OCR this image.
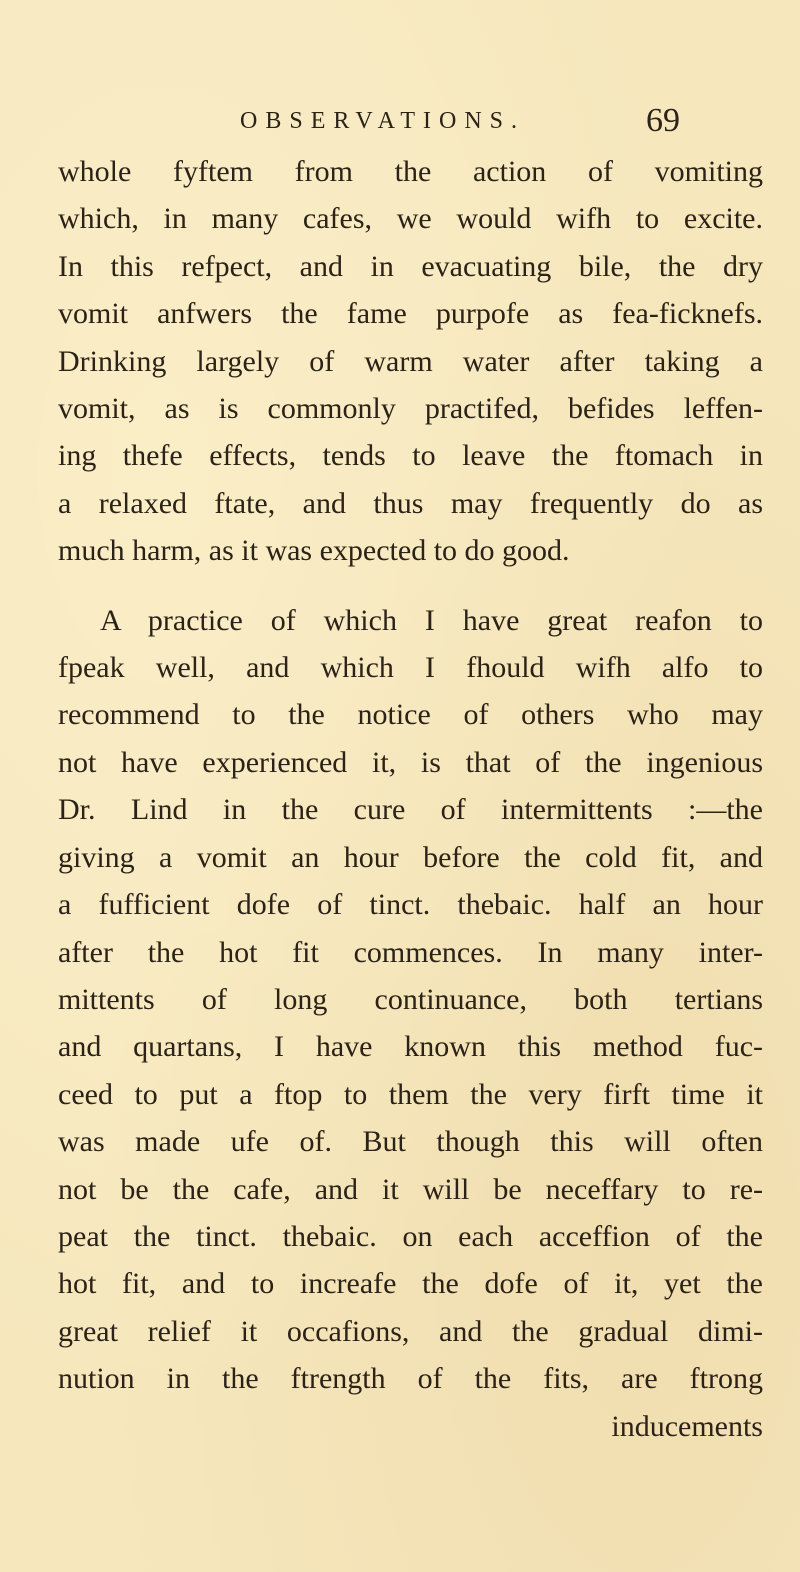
OBSERVATIONS.	69
whole fyftem from the action of vomiting
which, in many cafes, we would wifh to excite.
In this refpect, and in evacuating bile, the dry
vomit anfwers the fame purpofe as fea-ficknefs.
Drinking largely of warm water after taking a
vomit, as is commonly practifed, befides leffen-
ing thefe effects, tends to leave the ftomach in
a relaxed ftate, and thus may frequently do as
much harm, as it was expected to do good.
A practice of which I have great reafon to
fpeak well, and which I fhould wifh alfo to
recommend to the notice of others who may
not have experienced it, is that of the ingenious
Dr. Lind in the cure of intermittents :—the
giving a vomit an hour before the cold fit, and
a fufficient dofe of tinct. thebaic. half an hour
after the hot fit commences. In many inter-
mittents of long continuance, both tertians
and quartans, I have known this method fuc-
ceed to put a ftop to them the very firft time it
was made ufe of. But though this will often
not be the cafe, and it will be neceffary to re-
peat the tinct. thebaic. on each acceffion of the
hot fit, and to increafe the dofe of it, yet the
great relief it occafions, and the gradual dimi-
nution in the ftrength of the fits, are ftrong
inducements
